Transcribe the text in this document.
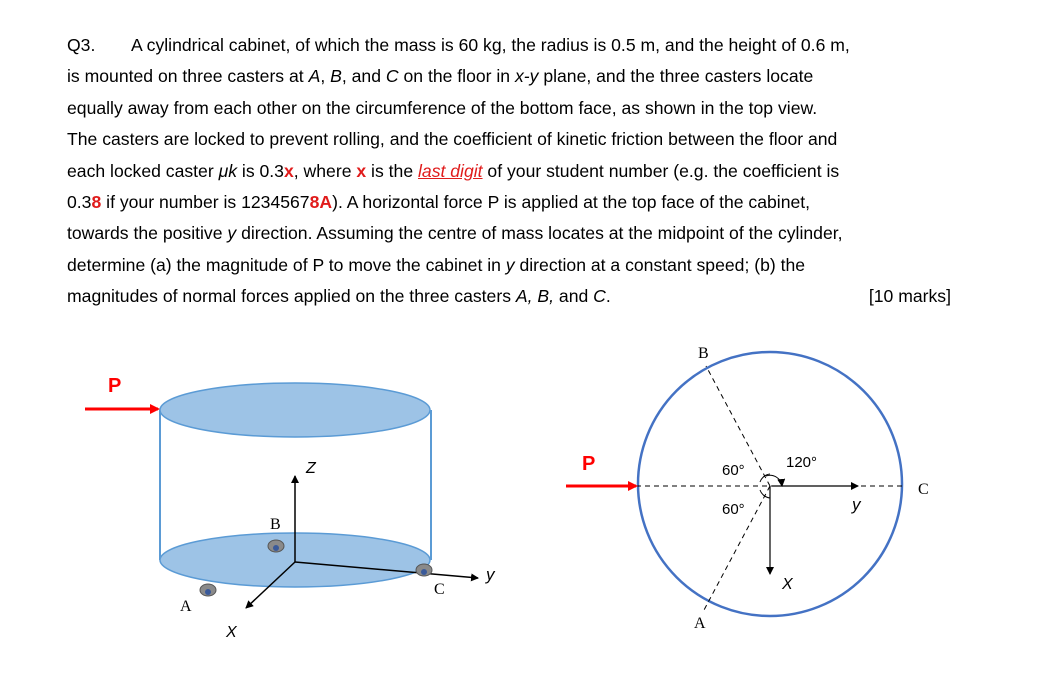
Q3. A cylindrical cabinet, of which the mass is 60 kg, the radius is 0.5 m, and the height of 0.6 m,
is mounted on three casters at A, B, and C on the floor in x-y plane, and the three casters locate
equally away from each other on the circumference of the bottom face, as shown in the top view.
The casters are locked to prevent rolling, and the coefficient of kinetic friction between the floor and
each locked caster μk is 0.3x, where x is the last digit of your student number (e.g. the coefficient is
0.38 if your number is 12345678A). A horizontal force P is applied at the top face of the cabinet,
towards the positive y direction. Assuming the centre of mass locates at the midpoint of the cylinder,
determine (a) the magnitude of P to move the cabinet in y direction at a constant speed; (b) the
magnitudes of normal forces applied on the three casters A, B, and C.	[10 marks]
P
Z
y
X
A
B
C
P
B
A
C
60°
60°
120°
y
X
